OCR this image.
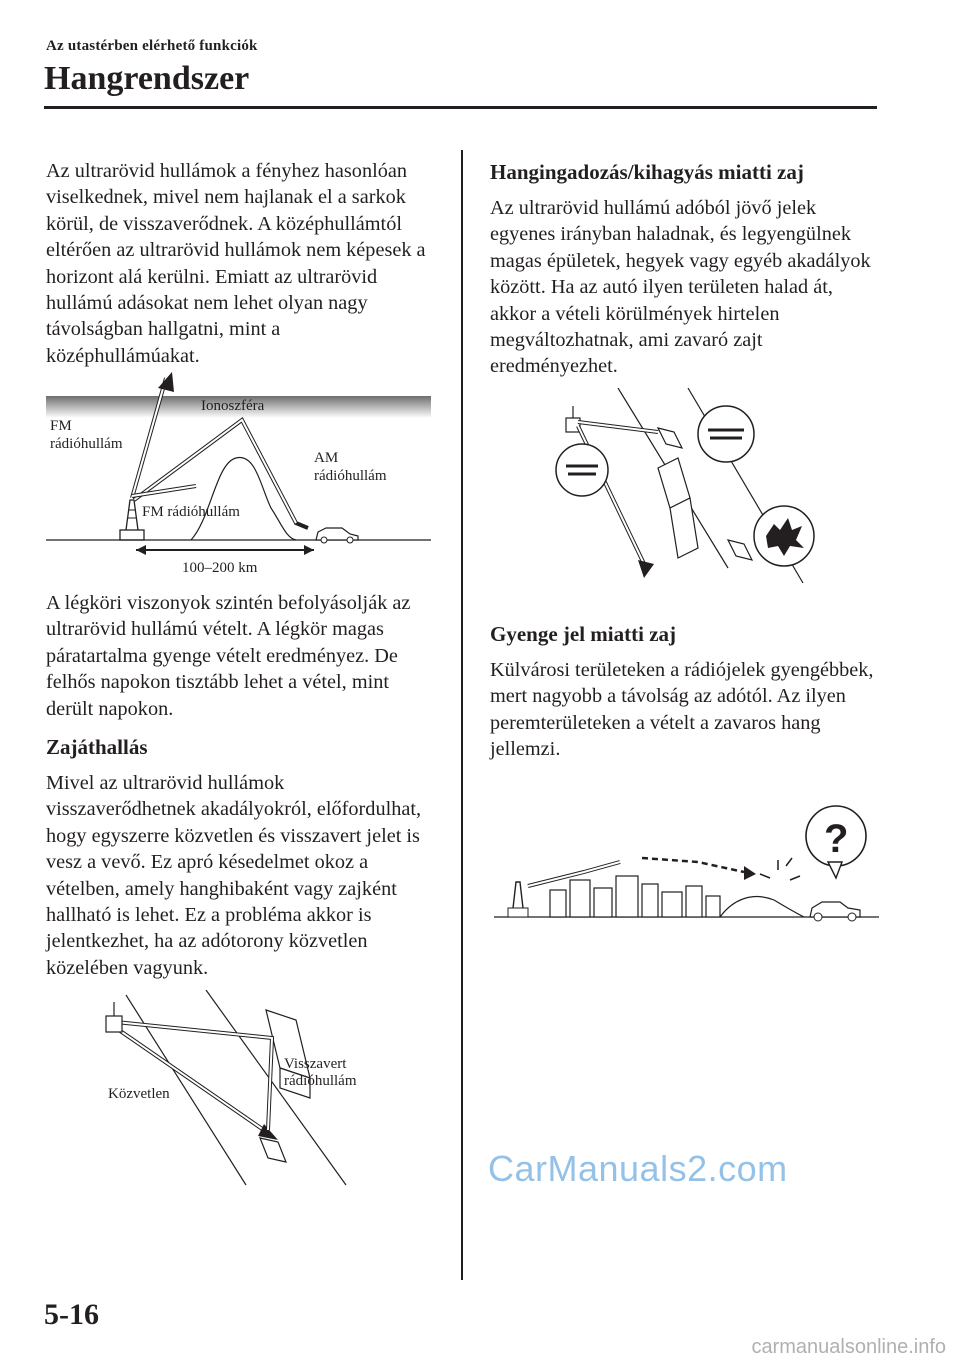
Az utastérben elérhető funkciók
Hangrendszer

Az ultrarövid hullámok a fényhez hasonlóan viselkednek, mivel nem hajlanak el a sarkok körül, de visszaverődnek. A középhullámtól eltérően az ultrarövid hullámok nem képesek a horizont alá kerülni. Emiatt az ultrarövid hullámú adásokat nem lehet olyan nagy távolságban hallgatni, mint a középhullámúakat.

Ionoszféra
FM
rádióhullám
AM
rádióhullám
FM rádióhullám
100–200 km

A légköri viszonyok szintén befolyásolják az ultrarövid hullámú vételt. A légkör magas páratartalma gyenge vételt eredményez. De felhős napokon tisztább lehet a vétel, mint derült napokon.

Zajáthallás

Mivel az ultrarövid hullámok visszaverődhetnek akadályokról, előfordulhat, hogy egyszerre közvetlen és visszavert jelet is vesz a vevő. Ez apró késedelmet okoz a vételben, amely hanghibaként vagy zajként hallható is lehet. Ez a probléma akkor is jelentkezhet, ha az adótorony közvetlen közelében vagyunk.

Visszavert
rádióhullám
Közvetlen
Hangingadozás/kihagyás miatti zaj

Az ultrarövid hullámú adóból jövő jelek egyenes irányban haladnak, és legyengülnek magas épületek, hegyek vagy egyéb akadályok között. Ha az autó ilyen területen halad át, akkor a vételi körülmények hirtelen megváltozhatnak, ami zavaró zajt eredményezhet.

Gyenge jel miatti zaj

Külvárosi területeken a rádiójelek gyengébbek, mert nagyobb a távolság az adótól. Az ilyen peremterületeken a vételt a zavaros hang jellemzi.

?
CarManuals2.com
5-16
carmanualsonline.info
